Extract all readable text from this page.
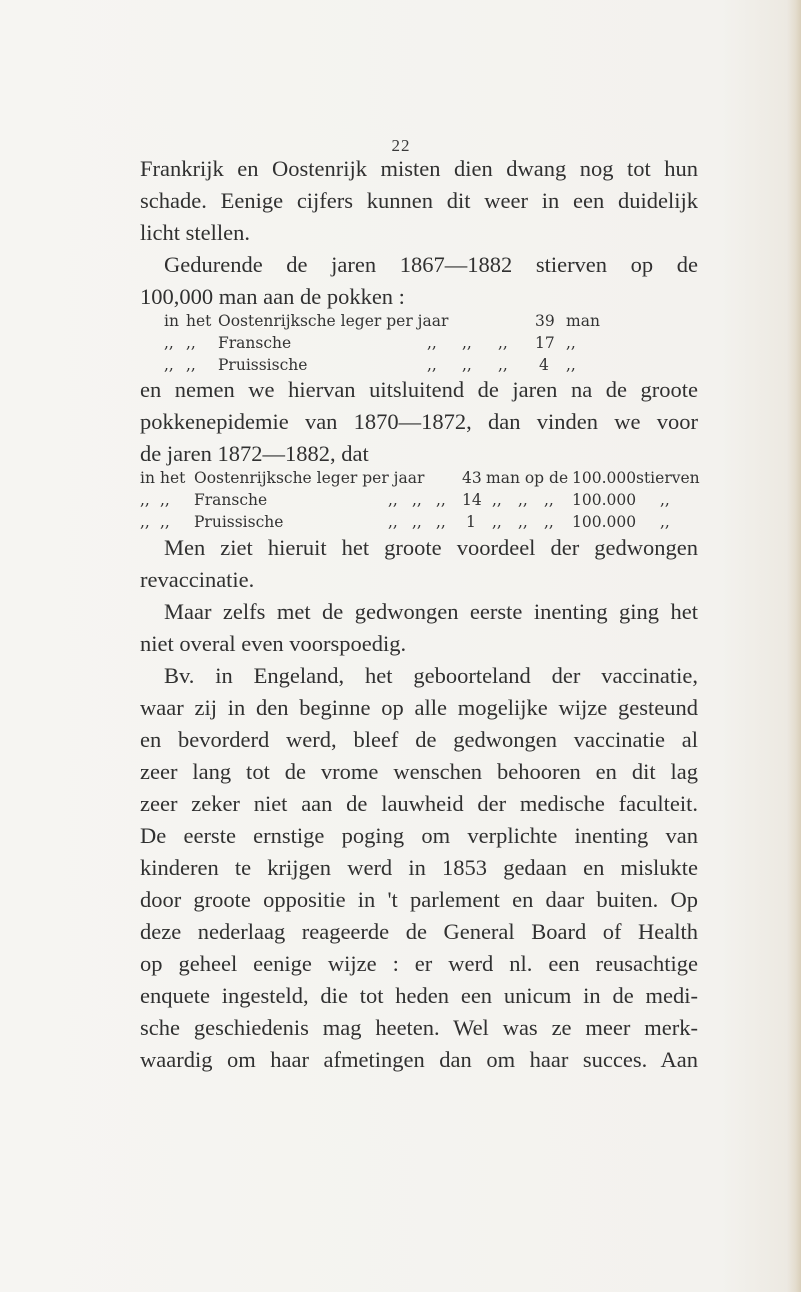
22
Frankrijk en Oostenrijk misten dien dwang nog tot hun
schade. Eenige cijfers kunnen dit weer in een duidelijk
licht stellen.
Gedurende de jaren 1867—1882 stierven op de
100,000 man aan de pokken :
in het Oostenrijksche leger per jaar	39 man
,, ,, Fransche	,, ,, ,, 17 ,,
,, ,, Pruissische	,, ,, ,, 4 ,,
en nemen we hiervan uitsluitend de jaren na de groote
pokkenepidemie van 1870—1872, dan vinden we voor
de jaren 1872—1882, dat
in het Oostenrijksche leger per jaar 43 man op de 100.000 stierven
,, ,, Fransche	,, ,, ,, 14 ,, ,, ,, 100.000 ,,
,, ,, Pruissische	,, ,, ,, 1 ,, ,, ,, 100.000 ,,
Men ziet hieruit het groote voordeel der gedwongen
revaccinatie.
Maar zelfs met de gedwongen eerste inenting ging het
niet overal even voorspoedig.
Bv. in Engeland, het geboorteland der vaccinatie,
waar zij in den beginne op alle mogelijke wijze gesteund
en bevorderd werd, bleef de gedwongen vaccinatie al
zeer lang tot de vrome wenschen behooren en dit lag
zeer zeker niet aan de lauwheid der medische faculteit.
De eerste ernstige poging om verplichte inenting van
kinderen te krijgen werd in 1853 gedaan en mislukte
door groote oppositie in 't parlement en daar buiten. Op
deze nederlaag reageerde de General Board of Health
op geheel eenige wijze : er werd nl. een reusachtige
enquete ingesteld, die tot heden een unicum in de medi-
sche geschiedenis mag heeten. Wel was ze meer merk-
waardig om haar afmetingen dan om haar succes. Aan
